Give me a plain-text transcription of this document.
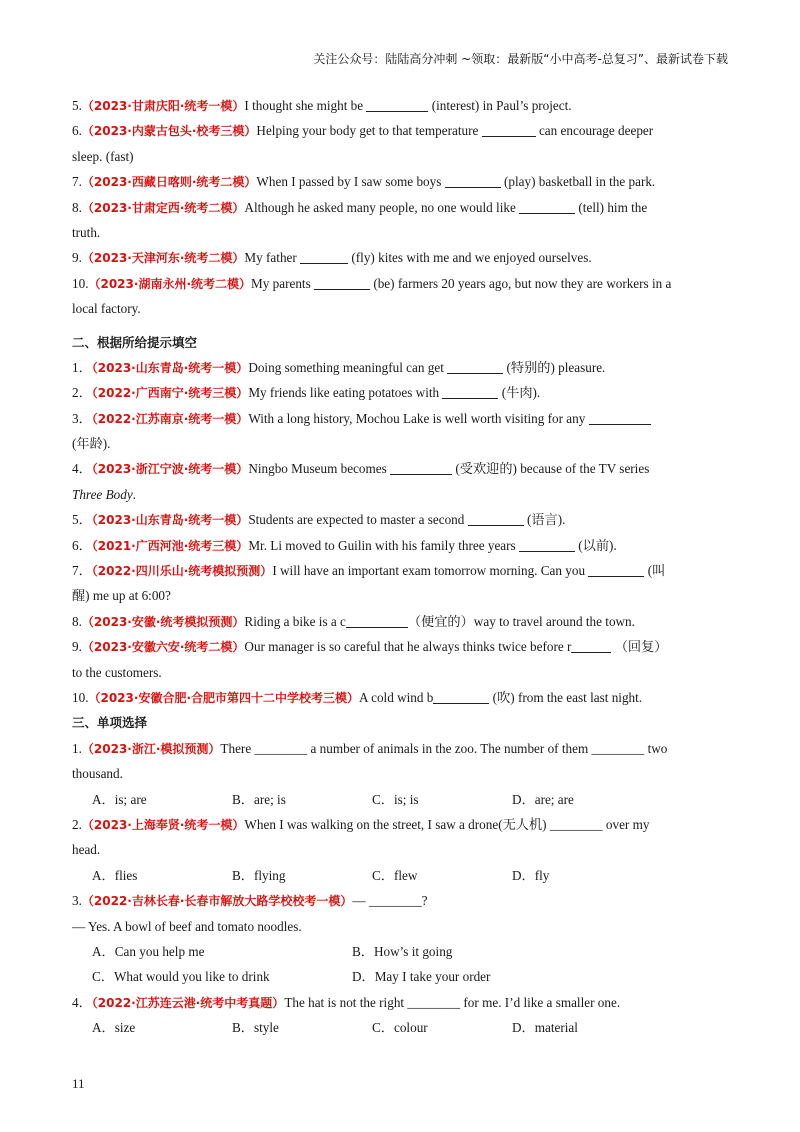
关注公众号：陆陆高分冲刺 ~领取：最新版“小中高考-总复习”、最新试卷下载
5.（2023·甘肃庆阳·统考一模）I thought she might be	(interest) in Paul’s project.
6.（2023·内蒙古包头·校考三模）Helping your body get to that temperature	can encourage deeper
sleep. (fast)
7.（2023·西藏日喀则·统考二模）When I passed by I saw some boys	(play) basketball in the park.
8.（2023·甘肃定西·统考二模）Although he asked many people, no one would like	(tell) him the
truth.
9.（2023·天津河东·统考二模）My father	(fly) kites with me and we enjoyed ourselves.
10.（2023·湖南永州·统考二模）My parents	(be) farmers 20 years ago, but now they are workers in a
local factory.
二、根据所给提示填空
1．（2023·山东青岛·统考一模）Doing something meaningful can get	(特别的) pleasure.
2．（2022·广西南宁·统考三模）My friends like eating potatoes with	(牛肉).
3．（2022·江苏南京·统考一模）With a long history, Mochou Lake is well worth visiting for any
(年龄).
4．（2023·浙江宁波·统考一模）Ningbo Museum becomes	(受欢迎的) because of the TV series
Three Body.
5．（2023·山东青岛·统考一模）Students are expected to master a second	(语言).
6．（2021·广西河池·统考三模）Mr. Li moved to Guilin with his family three years	(以前).
7．（2022·四川乐山·统考模拟预测）I will have an important exam tomorrow morning. Can you	(叫
醒) me up at 6:00?
8.（2023·安徽·统考模拟预测）Riding a bike is a c	（便宜的）way to travel around the town.
9.（2023·安徽六安·统考二模）Our manager is so careful that he always thinks twice before r	（回复）
to the customers.
10.（2023·安徽合肥·合肥市第四十二中学校考三模）A cold wind b	(吹) from the east last night.
三、单项选择
1.（2023·浙江·模拟预测）There ________ a number of animals in the zoo. The number of them ________ two
thousand.
A．is; are	B．are; is	C．is; is	D．are; are
2.（2023·上海奉贤·统考一模）When I was walking on the street, I saw a drone(无人机) ________ over my
head.
A．flies	B．flying	C．flew	D．fly
3.（2022·吉林长春·长春市解放大路学校校考一模）— ________?
— Yes. A bowl of beef and tomato noodles.
A．Can you help me	B．How’s it going
C．What would you like to drink	D．May I take your order
4．（2022·江苏连云港·统考中考真题）The hat is not the right ________ for me. I’d like a smaller one.
A．size	B．style	C．colour	D．material
11
